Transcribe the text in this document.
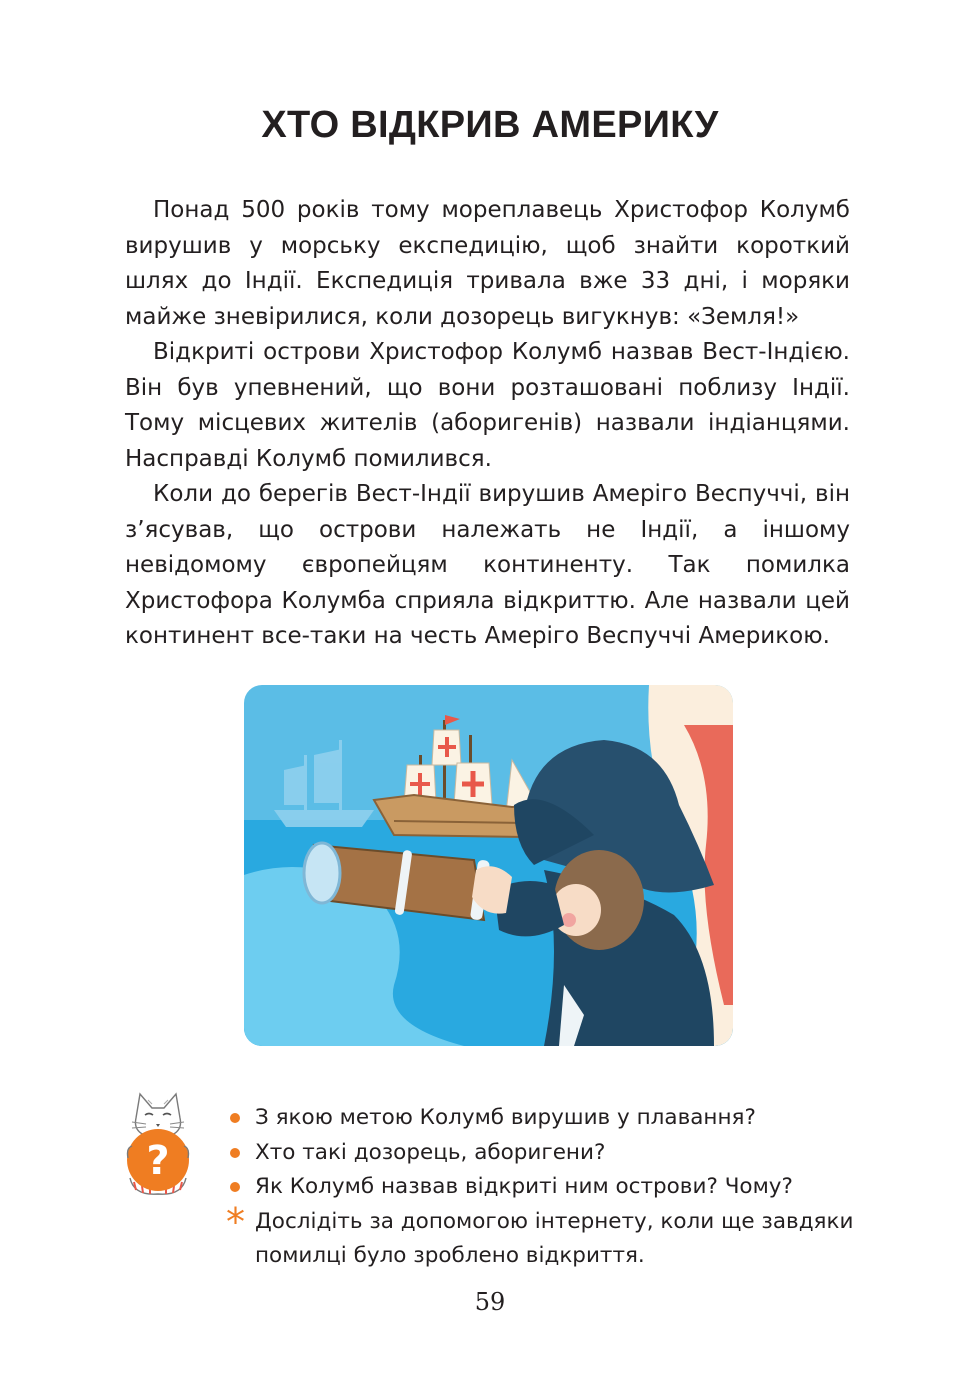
ХТО ВІДКРИВ АМЕРИКУ

Понад 500 років тому мореплавець Христофор Колумб вирушив у морську експедицію, щоб знайти короткий шлях до Індії. Експедиція тривала вже 33 дні, і моряки майже зневірилися, коли дозорець вигукнув: «Земля!»

Відкриті острови Христофор Колумб назвав Вест-Індією. Він був упевнений, що вони розташовані поблизу Індії. Тому місцевих жителів (аборигенів) назвали індіанцями. Насправді Колумб помилився.

Коли до берегів Вест-Індії вирушив Амеріго Веспуччі, він з’ясував, що острови належать не Індії, а іншому невідомому європейцям континенту. Так помилка Христофора Колумба сприяла відкриттю. Але назвали цей континент все-таки на честь Амеріго Веспуччі Америкою.

?
З якою метою Колумб вирушив у плавання?
Хто такі дозорець, аборигени?
Як Колумб назвав відкриті ним острови? Чому?
* Дослідіть за допомогою інтернету, коли ще завдяки
помилці було зроблено відкриття.
59
